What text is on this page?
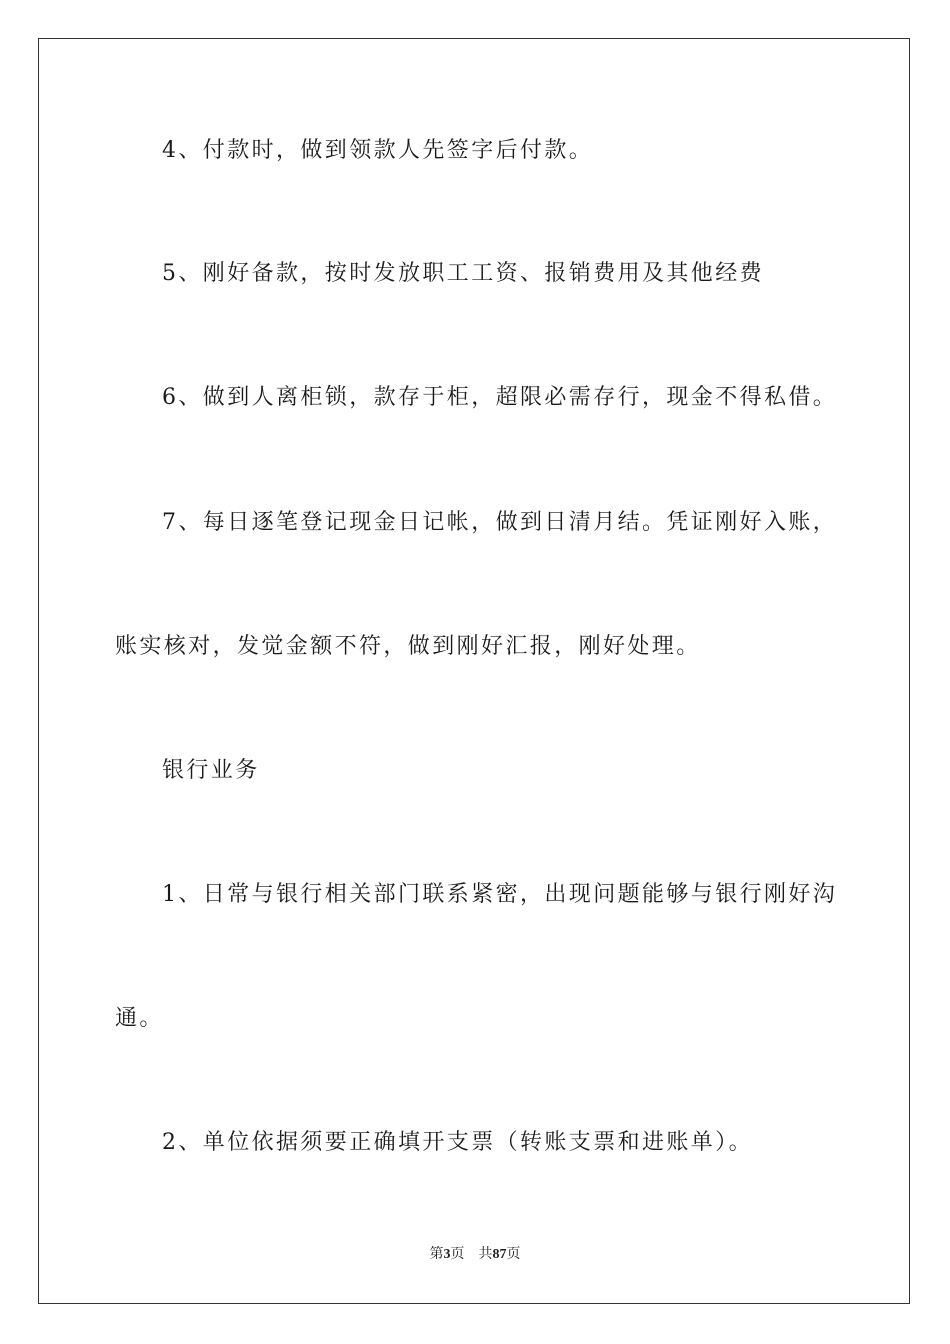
4、付款时，做到领款人先签字后付款。
5、刚好备款，按时发放职工工资、报销费用及其他经费
6、做到人离柜锁，款存于柜，超限必需存行，现金不得私借。
7、每日逐笔登记现金日记帐，做到日清月结。凭证刚好入账，
账实核对，发觉金额不符，做到刚好汇报，刚好处理。
银行业务
1、日常与银行相关部门联系紧密，出现问题能够与银行刚好沟
通。
2、单位依据须要正确填开支票（转账支票和进账单）。
第3页 共87页
